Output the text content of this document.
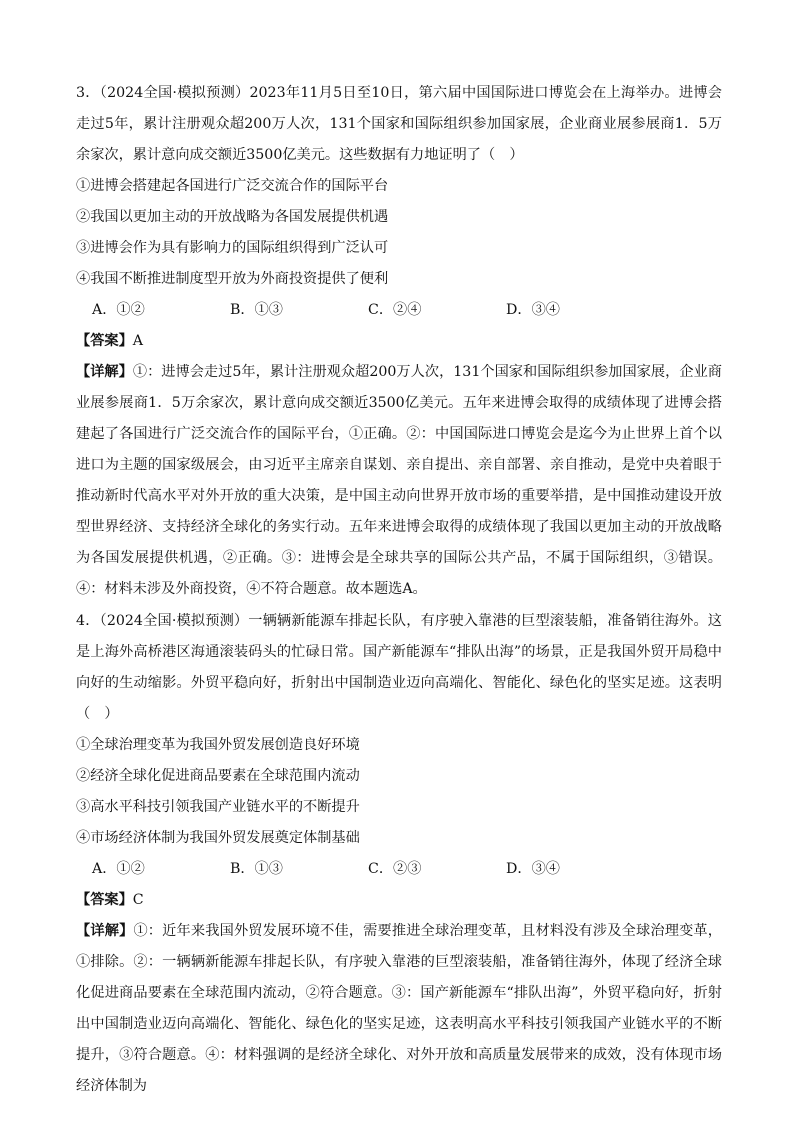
3．（2024全国·模拟预测）2023年11月5日至10日，第六届中国国际进口博览会在上海举办。进博会走过5年，累计注册观众超200万人次，131个国家和国际组织参加国家展，企业商业展参展商1．5万余家次，累计意向成交额近3500亿美元。这些数据有力地证明了（　）

①进博会搭建起各国进行广泛交流合作的国际平台

②我国以更加主动的开放战略为各国发展提供机遇

③进博会作为具有影响力的国际组织得到广泛认可

④我国不断推进制度型开放为外商投资提供了便利

A．①②	B．①③	C．②④	D．③④

【答案】A

【详解】①：进博会走过5年，累计注册观众超200万人次，131个国家和国际组织参加国家展，企业商业展参展商1．5万余家次，累计意向成交额近3500亿美元。五年来进博会取得的成绩体现了进博会搭建起了各国进行广泛交流合作的国际平台，①正确。②：中国国际进口博览会是迄今为止世界上首个以进口为主题的国家级展会，由习近平主席亲自谋划、亲自提出、亲自部署、亲自推动，是党中央着眼于推动新时代高水平对外开放的重大决策，是中国主动向世界开放市场的重要举措，是中国推动建设开放型世界经济、支持经济全球化的务实行动。五年来进博会取得的成绩体现了我国以更加主动的开放战略为各国发展提供机遇，②正确。③：进博会是全球共享的国际公共产品，不属于国际组织，③错误。④：材料未涉及外商投资，④不符合题意。故本题选A。

4．（2024全国·模拟预测）一辆辆新能源车排起长队，有序驶入靠港的巨型滚装船，准备销往海外。这是上海外高桥港区海通滚装码头的忙碌日常。国产新能源车“排队出海”的场景，正是我国外贸开局稳中向好的生动缩影。外贸平稳向好，折射出中国制造业迈向高端化、智能化、绿色化的坚实足迹。这表明（　）

①全球治理变革为我国外贸发展创造良好环境

②经济全球化促进商品要素在全球范围内流动

③高水平科技引领我国产业链水平的不断提升

④市场经济体制为我国外贸发展奠定体制基础

A．①②	B．①③	C．②③	D．③④

【答案】C

【详解】①：近年来我国外贸发展环境不佳，需要推进全球治理变革，且材料没有涉及全球治理变革，①排除。②：一辆辆新能源车排起长队，有序驶入靠港的巨型滚装船，准备销往海外，体现了经济全球化促进商品要素在全球范围内流动，②符合题意。③：国产新能源车“排队出海”，外贸平稳向好，折射出中国制造业迈向高端化、智能化、绿色化的坚实足迹，这表明高水平科技引领我国产业链水平的不断提升，③符合题意。④：材料强调的是经济全球化、对外开放和高质量发展带来的成效，没有体现市场经济体制为
